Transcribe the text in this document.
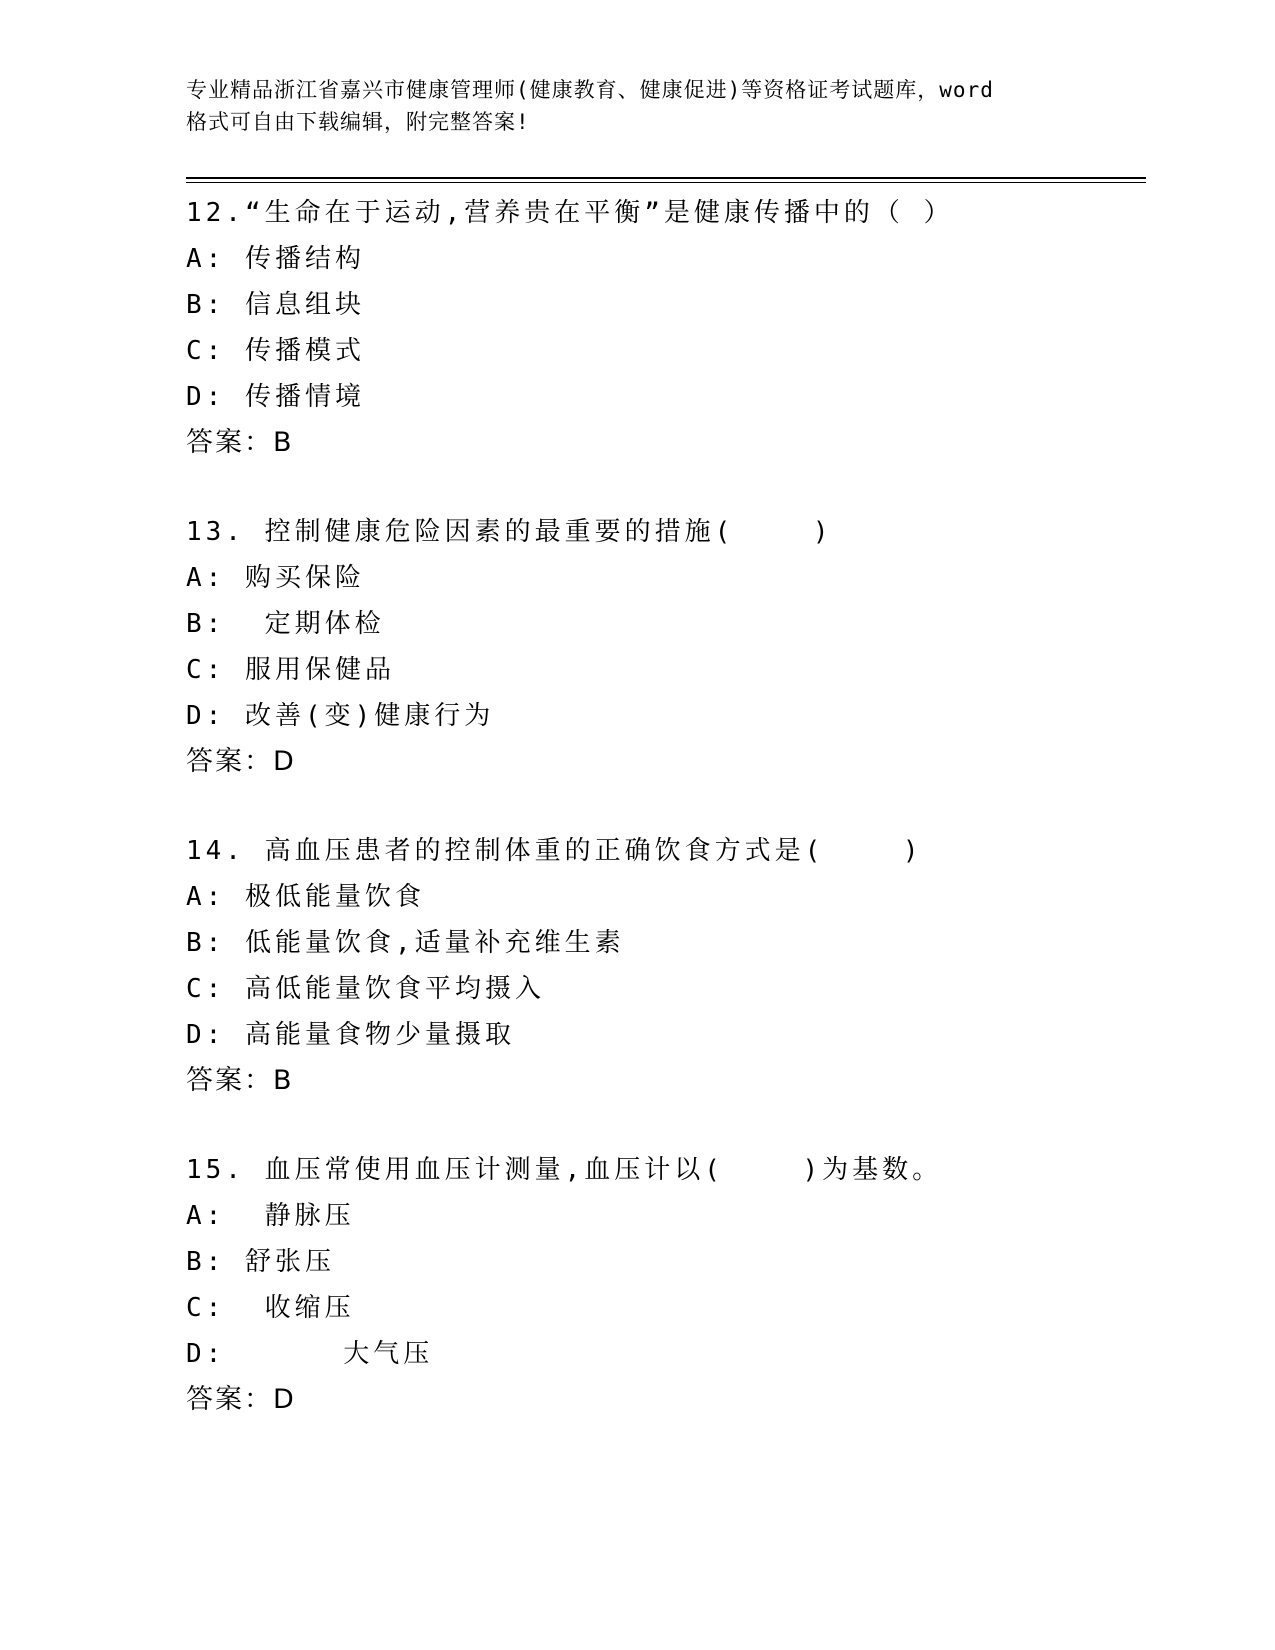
专业精品浙江省嘉兴市健康管理师(健康教育、健康促进)等资格证考试题库，word
格式可自由下载编辑，附完整答案!
12.“生命在于运动,营养贵在平衡”是健康传播中的（ ）
A: 传播结构
B: 信息组块
C: 传播模式
D: 传播情境
答案：B
13. 控制健康危险因素的最重要的措施(    )
A: 购买保险
B:  定期体检
C: 服用保健品
D: 改善(变)健康行为
答案：D
14. 高血压患者的控制体重的正确饮食方式是(    )
A: 极低能量饮食
B: 低能量饮食,适量补充维生素
C: 高低能量饮食平均摄入
D: 高能量食物少量摄取
答案：B
15. 血压常使用血压计测量,血压计以(    )为基数。
A:  静脉压
B: 舒张压
C:  收缩压
D:      大气压
答案：D
